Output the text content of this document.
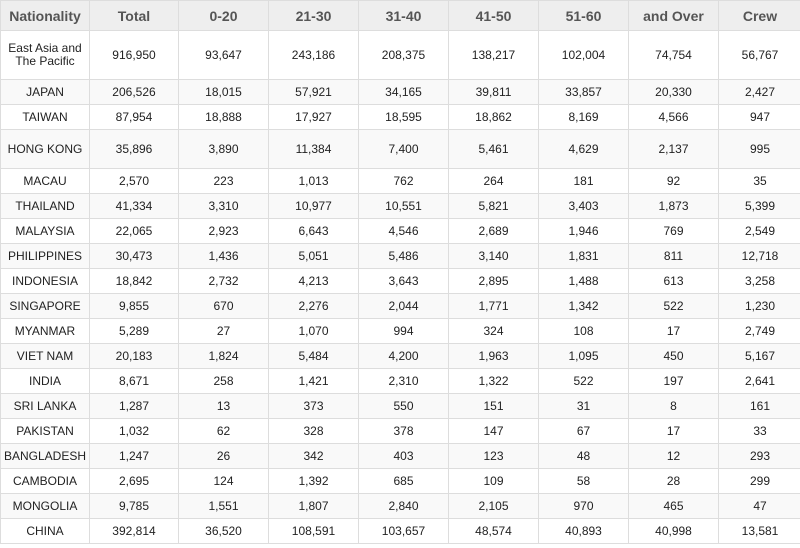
Nationality	Total	0-20	21-30	31-40	41-50	51-60	and Over	Crew
East Asia and The Pacific	916,950	93,647	243,186	208,375	138,217	102,004	74,754	56,767
JAPAN	206,526	18,015	57,921	34,165	39,811	33,857	20,330	2,427
TAIWAN	87,954	18,888	17,927	18,595	18,862	8,169	4,566	947
HONG KONG	35,896	3,890	11,384	7,400	5,461	4,629	2,137	995
MACAU	2,570	223	1,013	762	264	181	92	35
THAILAND	41,334	3,310	10,977	10,551	5,821	3,403	1,873	5,399
MALAYSIA	22,065	2,923	6,643	4,546	2,689	1,946	769	2,549
PHILIPPINES	30,473	1,436	5,051	5,486	3,140	1,831	811	12,718
INDONESIA	18,842	2,732	4,213	3,643	2,895	1,488	613	3,258
SINGAPORE	9,855	670	2,276	2,044	1,771	1,342	522	1,230
MYANMAR	5,289	27	1,070	994	324	108	17	2,749
VIET NAM	20,183	1,824	5,484	4,200	1,963	1,095	450	5,167
INDIA	8,671	258	1,421	2,310	1,322	522	197	2,641
SRI LANKA	1,287	13	373	550	151	31	8	161
PAKISTAN	1,032	62	328	378	147	67	17	33
BANGLADESH	1,247	26	342	403	123	48	12	293
CAMBODIA	2,695	124	1,392	685	109	58	28	299
MONGOLIA	9,785	1,551	1,807	2,840	2,105	970	465	47
CHINA	392,814	36,520	108,591	103,657	48,574	40,893	40,998	13,581
